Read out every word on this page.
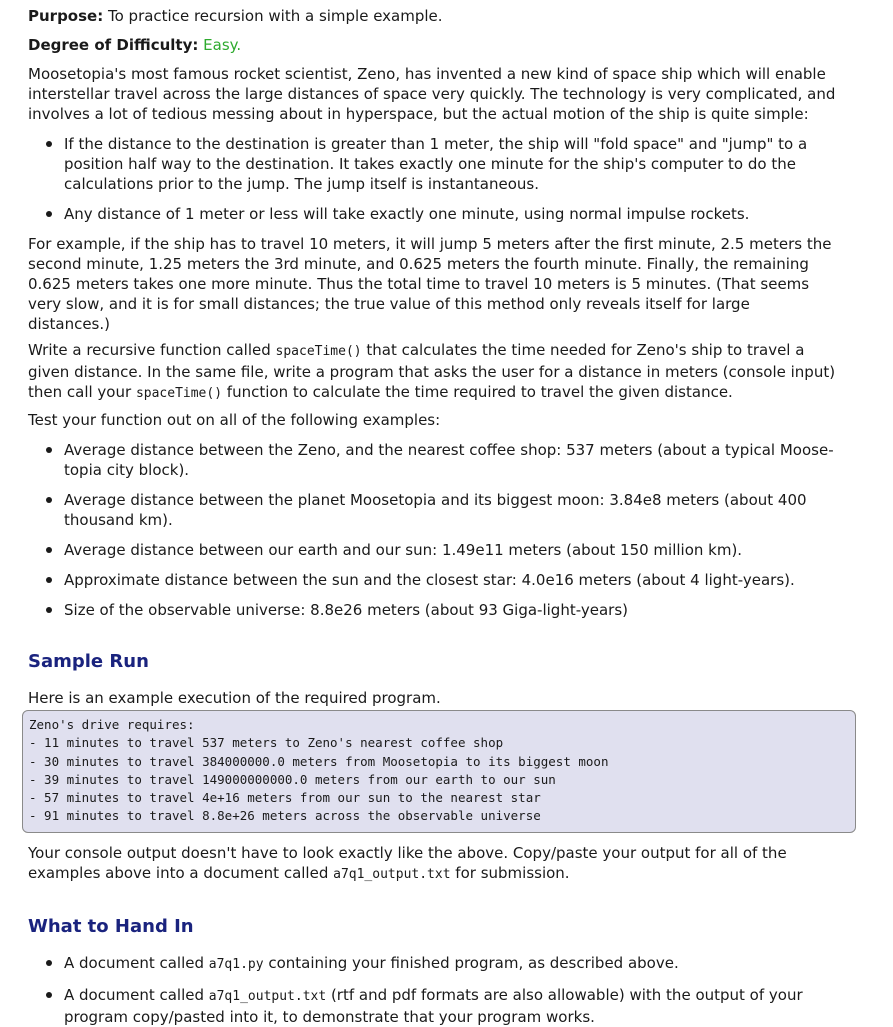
Purpose: To practice recursion with a simple example.

Degree of Difficulty: Easy.

Moosetopia's most famous rocket scientist, Zeno, has invented a new kind of space ship which will enable interstellar travel across the large distances of space very quickly. The technology is very complicated, and involves a lot of tedious messing about in hyperspace, but the actual motion of the ship is quite simple:

If the distance to the destination is greater than 1 meter, the ship will "fold space" and "jump" to a position half way to the destination. It takes exactly one minute for the ship's computer to do the calculations prior to the jump. The jump itself is instantaneous.
Any distance of 1 meter or less will take exactly one minute, using normal impulse rockets.

For example, if the ship has to travel 10 meters, it will jump 5 meters after the first minute, 2.5 meters the second minute, 1.25 meters the 3rd minute, and 0.625 meters the fourth minute. Finally, the remaining 0.625 meters takes one more minute. Thus the total time to travel 10 meters is 5 minutes. (That seems very slow, and it is for small distances; the true value of this method only reveals itself for large distances.)

Write a recursive function called spaceTime() that calculates the time needed for Zeno's ship to travel a given distance. In the same file, write a program that asks the user for a distance in meters (console input) then call your spaceTime() function to calculate the time required to travel the given distance.

Test your function out on all of the following examples:

Average distance between the Zeno, and the nearest coffee shop: 537 meters (about a typical Moose-topia city block).
Average distance between the planet Moosetopia and its biggest moon: 3.84e8 meters (about 400 thousand km).
Average distance between our earth and our sun: 1.49e11 meters (about 150 million km).
Approximate distance between the sun and the closest star: 4.0e16 meters (about 4 light-years).
Size of the observable universe: 8.8e26 meters (about 93 Giga-light-years)
Sample Run

Here is an example execution of the required program.

Zeno's drive requires:
- 11 minutes to travel 537 meters to Zeno's nearest coffee shop
- 30 minutes to travel 384000000.0 meters from Moosetopia to its biggest moon
- 39 minutes to travel 149000000000.0 meters from our earth to our sun
- 57 minutes to travel 4e+16 meters from our sun to the nearest star
- 91 minutes to travel 8.8e+26 meters across the observable universe

Your console output doesn't have to look exactly like the above. Copy/paste your output for all of the examples above into a document called a7q1_output.txt for submission.

What to Hand In
A document called a7q1.py containing your finished program, as described above.
A document called a7q1_output.txt (rtf and pdf formats are also allowable) with the output of your program copy/pasted into it, to demonstrate that your program works.
